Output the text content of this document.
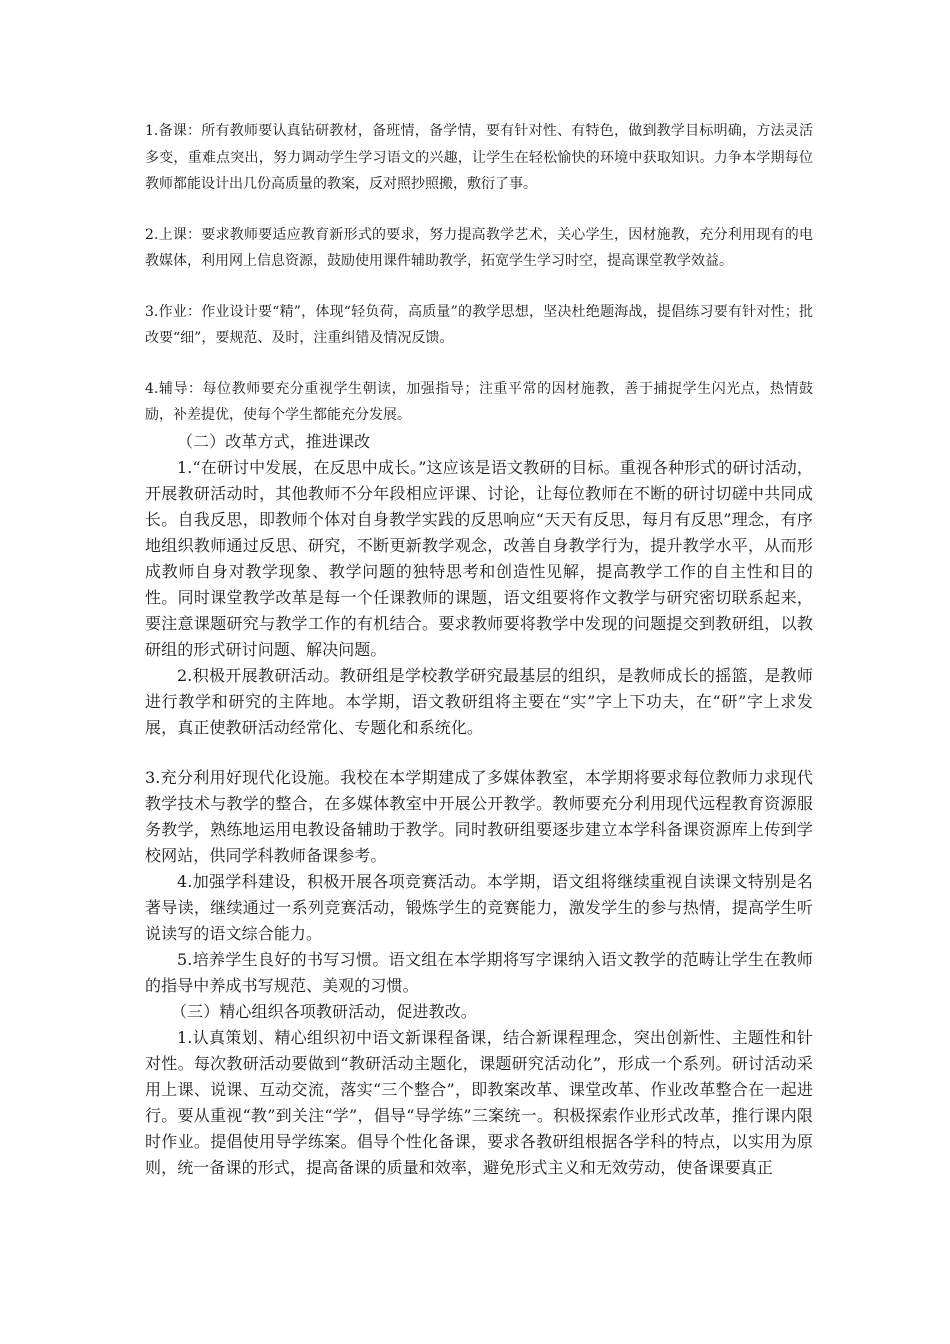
1.备课：所有教师要认真钻研教材，备班情，备学情，要有针对性、有特色，做到教学目标明确，方法灵活多变，重难点突出，努力调动学生学习语文的兴趣，让学生在轻松愉快的环境中获取知识。力争本学期每位教师都能设计出几份高质量的教案，反对照抄照搬，敷衍了事。

2.上课：要求教师要适应教育新形式的要求，努力提高教学艺术，关心学生，因材施教，充分利用现有的电教媒体，利用网上信息资源，鼓励使用课件辅助教学，拓宽学生学习时空，提高课堂教学效益。

3.作业：作业设计要“精”，体现“轻负荷，高质量”的教学思想，坚决杜绝题海战，提倡练习要有针对性；批改要“细”，要规范、及时，注重纠错及情况反馈。

4.辅导：每位教师要充分重视学生朝读，加强指导；注重平常的因材施教，善于捕捉学生闪光点，热情鼓励，补差提优，使每个学生都能充分发展。

（二）改革方式，推进课改

1.“在研讨中发展，在反思中成长。”这应该是语文教研的目标。重视各种形式的研讨活动，开展教研活动时，其他教师不分年段相应评课、讨论，让每位教师在不断的研讨切磋中共同成长。自我反思，即教师个体对自身教学实践的反思响应“天天有反思，每月有反思”理念，有序地组织教师通过反思、研究，不断更新教学观念，改善自身教学行为，提升教学水平，从而形成教师自身对教学现象、教学问题的独特思考和创造性见解，提高教学工作的自主性和目的性。同时课堂教学改革是每一个任课教师的课题，语文组要将作文教学与研究密切联系起来，要注意课题研究与教学工作的有机结合。要求教师要将教学中发现的问题提交到教研组，以教研组的形式研讨问题、解决问题。

2.积极开展教研活动。教研组是学校教学研究最基层的组织，是教师成长的摇篮，是教师进行教学和研究的主阵地。本学期，语文教研组将主要在“实”字上下功夫，在“研”字上求发展，真正使教研活动经常化、专题化和系统化。

3.充分利用好现代化设施。我校在本学期建成了多媒体教室，本学期将要求每位教师力求现代教学技术与教学的整合，在多媒体教室中开展公开教学。教师要充分利用现代远程教育资源服务教学，熟练地运用电教设备辅助于教学。同时教研组要逐步建立本学科备课资源库上传到学校网站，供同学科教师备课参考。

4.加强学科建设，积极开展各项竞赛活动。本学期，语文组将继续重视自读课文特别是名著导读，继续通过一系列竞赛活动，锻炼学生的竞赛能力，激发学生的参与热情，提高学生听说读写的语文综合能力。

5.培养学生良好的书写习惯。语文组在本学期将写字课纳入语文教学的范畴让学生在教师的指导中养成书写规范、美观的习惯。

（三）精心组织各项教研活动，促进教改。

1.认真策划、精心组织初中语文新课程备课，结合新课程理念，突出创新性、主题性和针对性。每次教研活动要做到“教研活动主题化，课题研究活动化”，形成一个系列。研讨活动采用上课、说课、互动交流，落实“三个整合”，即教案改革、课堂改革、作业改革整合在一起进行。要从重视“教”到关注“学”，倡导“导学练”三案统一。积极探索作业形式改革，推行课内限时作业。提倡使用导学练案。倡导个性化备课，要求各教研组根据各学科的特点，以实用为原则，统一备课的形式，提高备课的质量和效率，避免形式主义和无效劳动，使备课要真正
